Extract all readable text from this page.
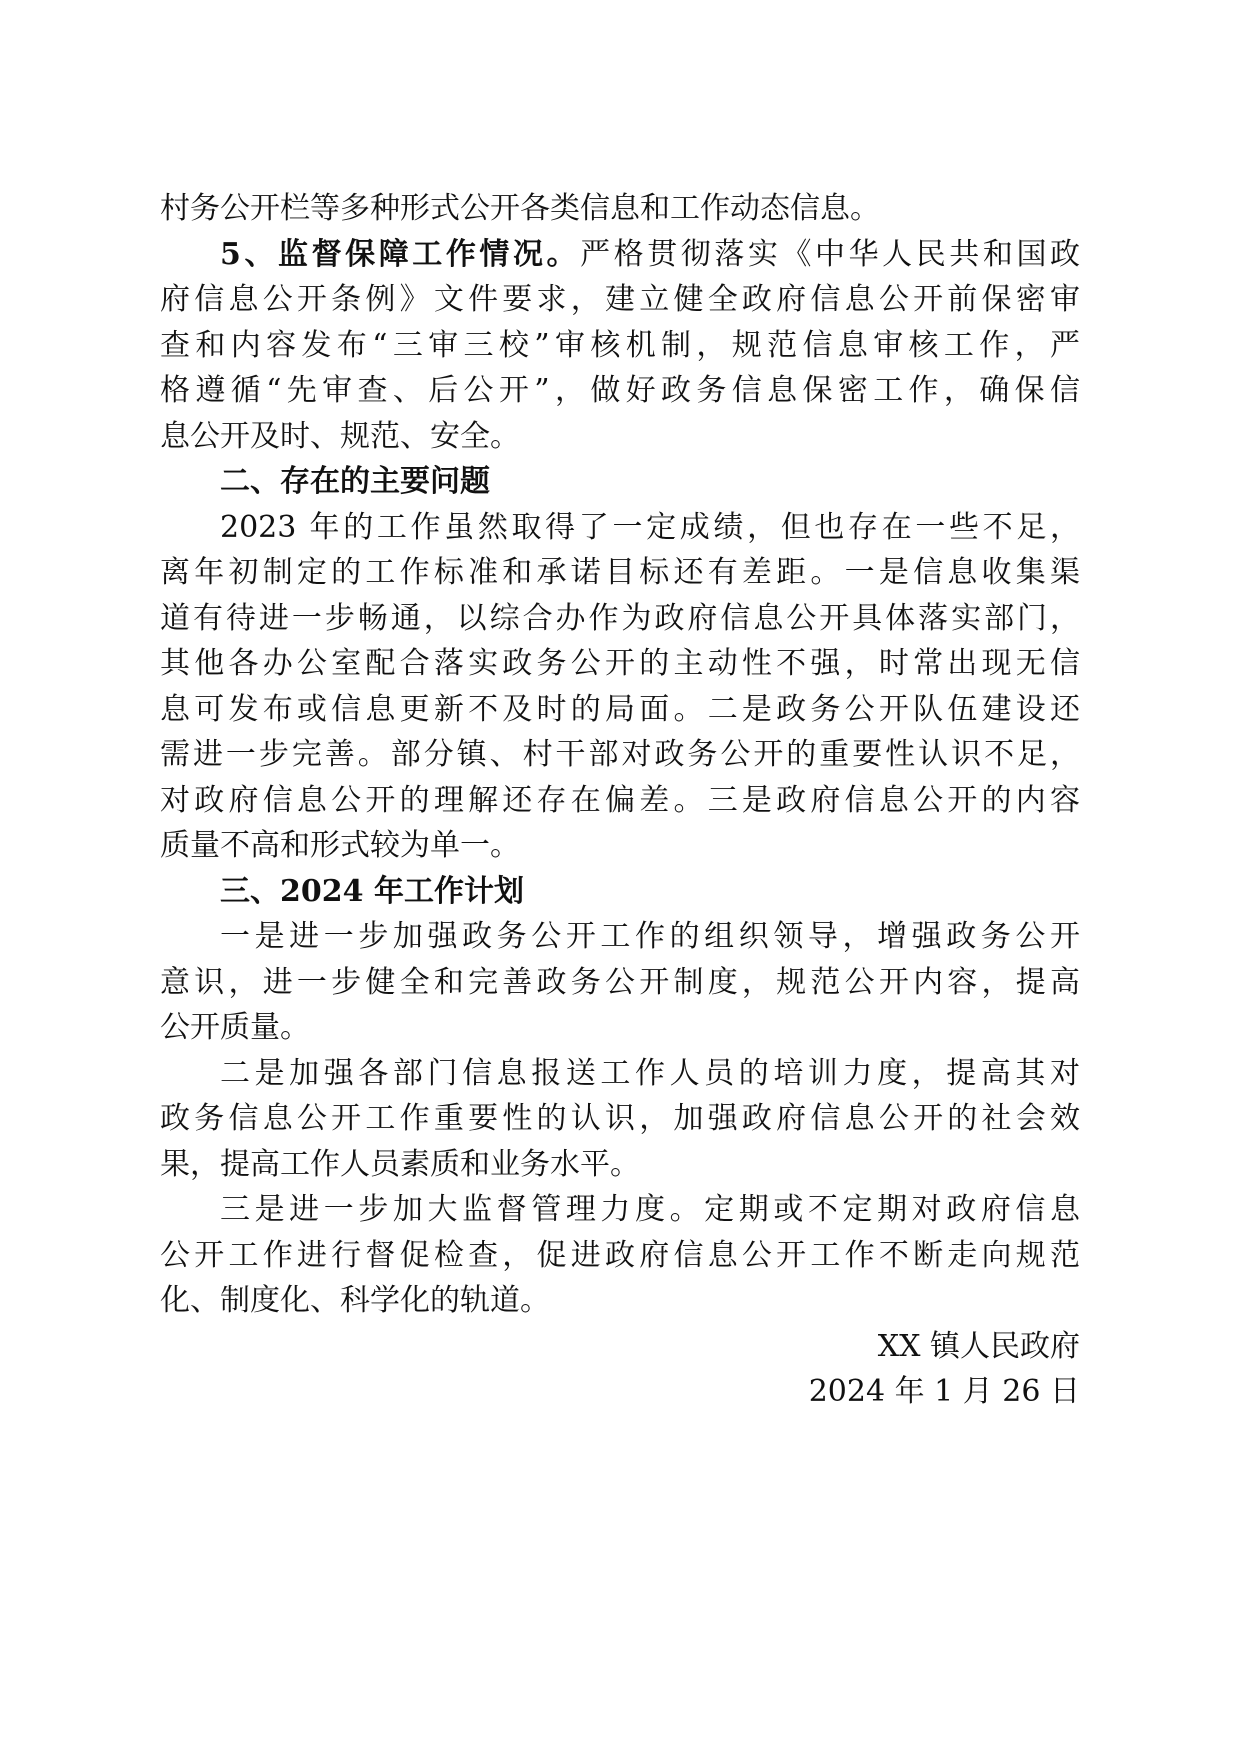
村务公开栏等多种形式公开各类信息和工作动态信息。
5、监督保障工作情况。严格贯彻落实《中华人民共和国政
府信息公开条例》文件要求，建立健全政府信息公开前保密审
查和内容发布“三审三校”审核机制，规范信息审核工作，严
格遵循“先审查、后公开”，做好政务信息保密工作，确保信
息公开及时、规范、安全。
二、存在的主要问题
2023 年的工作虽然取得了一定成绩，但也存在一些不足，
离年初制定的工作标准和承诺目标还有差距。一是信息收集渠
道有待进一步畅通，以综合办作为政府信息公开具体落实部门，
其他各办公室配合落实政务公开的主动性不强，时常出现无信
息可发布或信息更新不及时的局面。二是政务公开队伍建设还
需进一步完善。部分镇、村干部对政务公开的重要性认识不足，
对政府信息公开的理解还存在偏差。三是政府信息公开的内容
质量不高和形式较为单一。
三、2024 年工作计划
一是进一步加强政务公开工作的组织领导，增强政务公开
意识，进一步健全和完善政务公开制度，规范公开内容，提高
公开质量。
二是加强各部门信息报送工作人员的培训力度，提高其对
政务信息公开工作重要性的认识，加强政府信息公开的社会效
果，提高工作人员素质和业务水平。
三是进一步加大监督管理力度。定期或不定期对政府信息
公开工作进行督促检查，促进政府信息公开工作不断走向规范
化、制度化、科学化的轨道。
XX 镇人民政府
2024 年 1 月 26 日
